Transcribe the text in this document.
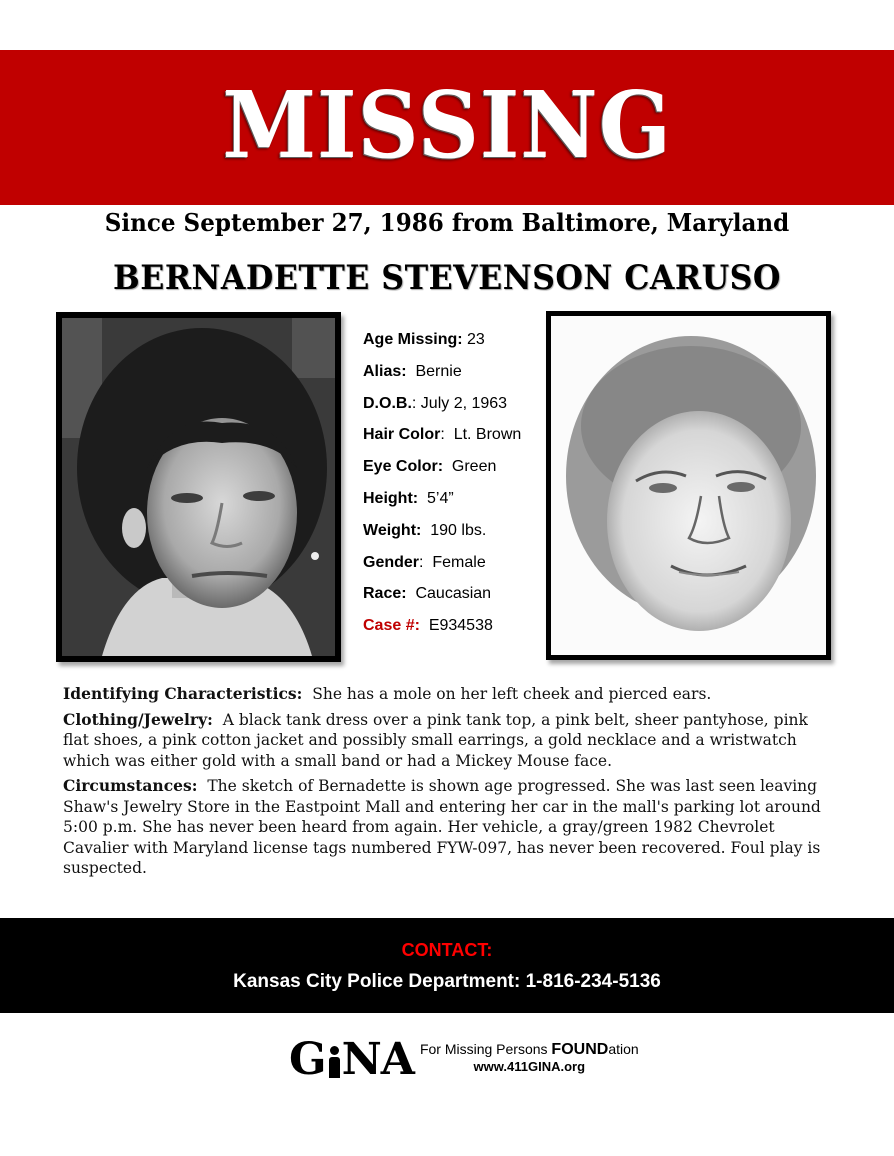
MISSING
Since September 27, 1986 from Baltimore, Maryland
BERNADETTE STEVENSON CARUSO
Age Missing: 23
Alias: Bernie
D.O.B.: July 2, 1963
Hair Color: Lt. Brown
Eye Color: Green
Height: 5’4”
Weight: 190 lbs.
Gender: Female
Race: Caucasian
Case #: E934538

Identifying Characteristics: She has a mole on her left cheek and pierced ears.

Clothing/Jewelry: A black tank dress over a pink tank top, a pink belt, sheer pantyhose, pink flat shoes, a pink cotton jacket and possibly small earrings, a gold necklace and a wristwatch which was either gold with a small band or had a Mickey Mouse face.

Circumstances: The sketch of Bernadette is shown age progressed. She was last seen leaving Shaw's Jewelry Store in the Eastpoint Mall and entering her car in the mall's parking lot around 5:00 p.m. She has never been heard from again. Her vehicle, a gray/green 1982 Chevrolet Cavalier with Maryland license tags numbered FYW-097, has never been recovered. Foul play is suspected.

CONTACT:
Kansas City Police Department: 1-816-234-5136
G NA For Missing Persons FOUNDation
www.411GINA.org
